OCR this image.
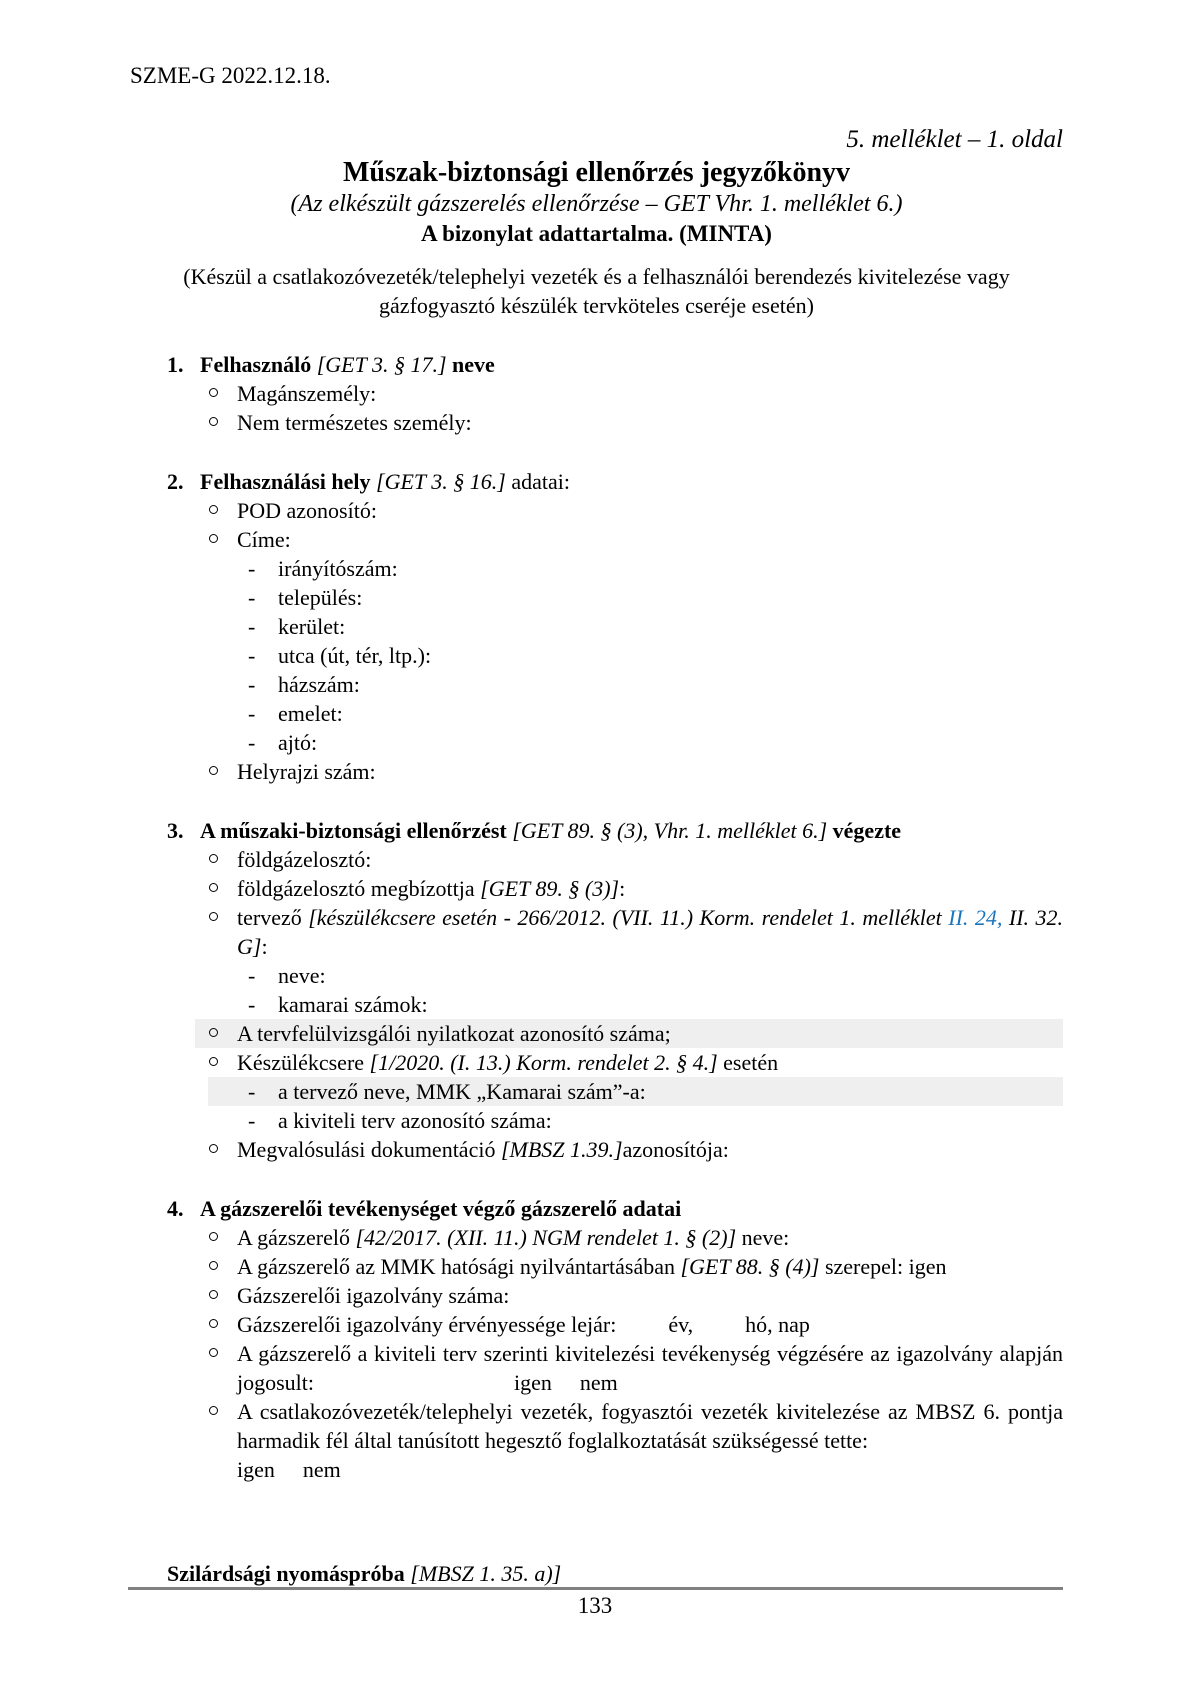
SZME-G 2022.12.18.
5. melléklet – 1. oldal
Műszak-biztonsági ellenőrzés jegyzőkönyv
(Az elkészült gázszerelés ellenőrzése – GET Vhr. 1. melléklet 6.)
A bizonylat adattartalma. (MINTA)

(Készül a csatlakozóvezeték/telephelyi vezeték és a felhasználói berendezés kivitelezése vagy gázfogyasztó készülék tervköteles cseréje esetén)

1. Felhasználó [GET 3. § 17.] neve
Magánszemély:
Nem természetes személy:
2. Felhasználási hely [GET 3. § 16.] adatai:
POD azonosító:
Címe:
- irányítószám:
- település:
- kerület:
- utca (út, tér, ltp.):
- házszám:
- emelet:
- ajtó:
Helyrajzi szám:
3. A műszaki-biztonsági ellenőrzést [GET 89. § (3), Vhr. 1. melléklet 6.] végezte
földgázelosztó:
földgázelosztó megbízottja [GET 89. § (3)]:
tervező [készülékcsere esetén - 266/2012. (VII. 11.) Korm. rendelet 1. melléklet II. 24, II. 32. G]:
- neve:
- kamarai számok:
A tervfelülvizsgálói nyilatkozat azonosító száma;
Készülékcsere [1/2020. (I. 13.) Korm. rendelet 2. § 4.] esetén
- a tervező neve, MMK „Kamarai szám”-a:
- a kiviteli terv azonosító száma:
Megvalósulási dokumentáció [MBSZ 1.39.]azonosítója:
4. A gázszerelői tevékenységet végző gázszerelő adatai
A gázszerelő [42/2017. (XII. 11.) NGM rendelet 1. § (2)] neve:
A gázszerelő az MMK hatósági nyilvántartásában [GET 88. § (4)] szerepel: igen
Gázszerelői igazolvány száma:
Gázszerelői igazolvány érvényessége lejár: év, hó, nap
A gázszerelő a kiviteli terv szerinti kivitelezési tevékenység végzésére az igazolvány alapján jogosult:	igen nem
A csatlakozóvezeték/telephelyi vezeték, fogyasztói vezeték kivitelezése az MBSZ 6. pontja harmadik fél által tanúsított hegesztő foglalkoztatását szükségessé tette:
igen nem
Szilárdsági nyomáspróba [MBSZ 1. 35. a)]
133
